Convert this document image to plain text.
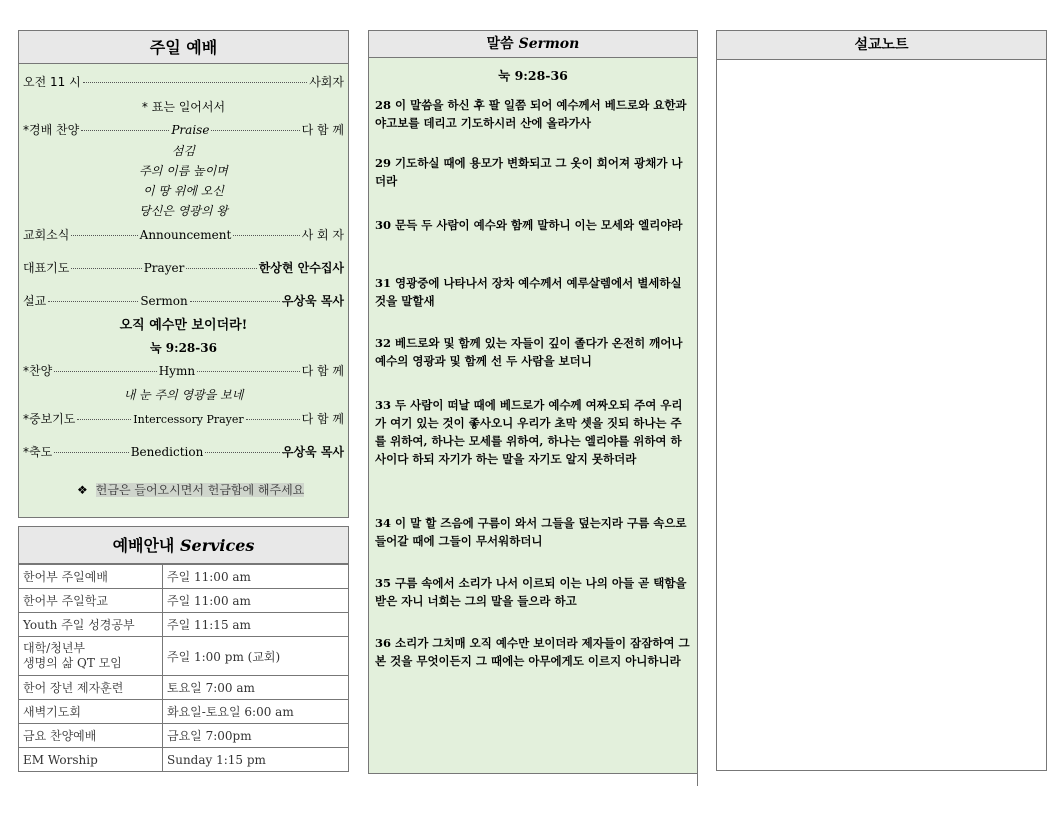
주일 예배
오전 11 시	사회자
* 표는 일어서서
*경배 찬양	Praise	다 함 께
섬김
주의 이름 높이며
이 땅 위에 오신
당신은 영광의 왕
교회소식	Announcement	사 회 자
대표기도	Prayer	한상현 안수집사
설교	Sermon	우상욱 목사
오직 예수만 보이더라!
눅 9:28-36
*찬양	Hymn	다 함 께
내 눈 주의 영광을 보네
*중보기도	Intercessory Prayer	다 함 께
*축도	Benediction	우상욱 목사
❖ 헌금은 들어오시면서 헌금함에 해주세요
예배안내 Services
한어부 주일예배	주일 11:00 am
한어부 주일학교	주일 11:00 am
Youth 주일 성경공부	주일 11:15 am
대학/청년부
생명의 삶 QT 모임	주일 1:00 pm (교회)
한어 장년 제자훈련	토요일 7:00 am
새벽기도회	화요일-토요일 6:00 am
금요 찬양예배	금요일 7:00pm
EM Worship	Sunday 1:15 pm
말씀 Sermon
눅 9:28-36
28 이 말씀을 하신 후 팔 일쯤 되어 예수께서 베드로와 요한과 야고보를 데리고 기도하시러 산에 올라가사
29 기도하실 때에 용모가 변화되고 그 옷이 희어져 광채가 나더라
30 문득 두 사람이 예수와 함께 말하니 이는 모세와 엘리야라
31 영광중에 나타나서 장차 예수께서 예루살렘에서 별세하실 것을 말할새
32 베드로와 및 함께 있는 자들이 깊이 졸다가 온전히 깨어나 예수의 영광과 및 함께 선 두 사람을 보더니
33 두 사람이 떠날 때에 베드로가 예수께 여짜오되 주여 우리가 여기 있는 것이 좋사오니 우리가 초막 셋을 짓되 하나는 주를 위하여, 하나는 모세를 위하여, 하나는 엘리야를 위하여 하사이다 하되 자기가 하는 말을 자기도 알지 못하더라
34 이 말 할 즈음에 구름이 와서 그들을 덮는지라 구름 속으로 들어갈 때에 그들이 무서워하더니
35 구름 속에서 소리가 나서 이르되 이는 나의 아들 곧 택함을 받은 자니 너희는 그의 말을 들으라 하고
36 소리가 그치매 오직 예수만 보이더라 제자들이 잠잠하여 그 본 것을 무엇이든지 그 때에는 아무에게도 이르지 아니하니라
설교노트
